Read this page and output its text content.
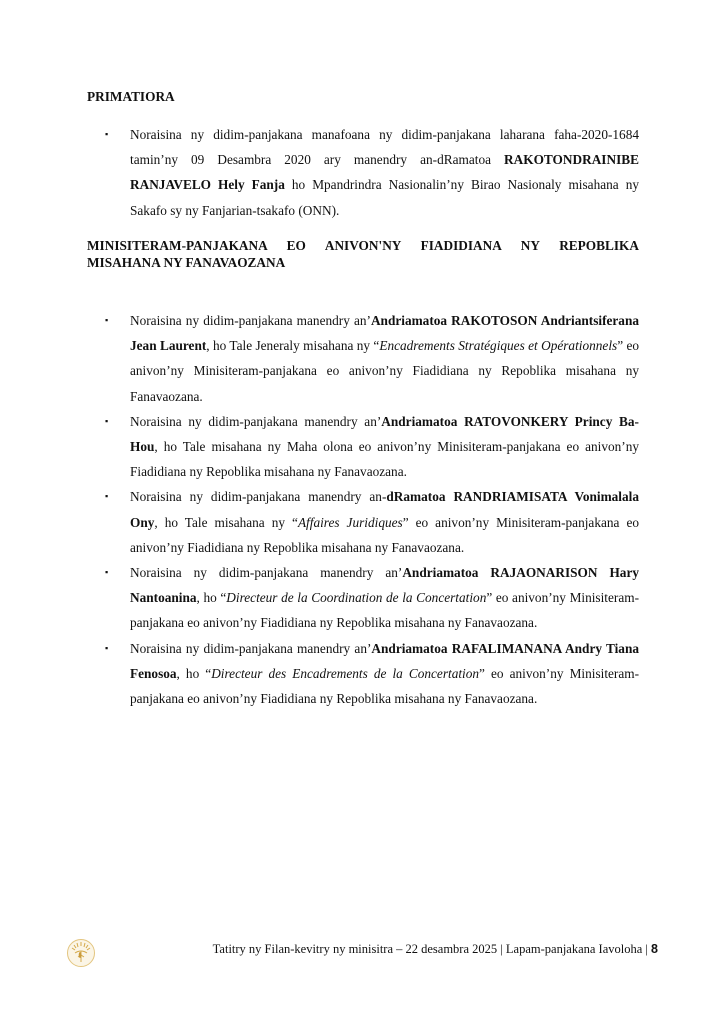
PRIMATIORA
▪ Noraisina ny didim-panjakana manafoana ny didim-panjakana laharana faha-2020-1684 tamin’ny 09 Desambra 2020 ary manendry an-dRamatoa RAKOTONDRAINIBE RANJAVELO Hely Fanja ho Mpandrindra Nasionalin’ny Birao Nasionaly misahana ny Sakafo sy ny Fanjarian-tsakafo (ONN).
MINISITERAM-PANJAKANA EO ANIVON'NY FIADIDIANA NY REPOBLIKA
MISAHANA NY FANAVAOZANA
▪ Noraisina ny didim-panjakana manendry an’Andriamatoa RAKOTOSON Andriantsiferana Jean Laurent, ho Tale Jeneraly misahana ny “Encadrements Stratégiques et Opérationnels” eo anivon’ny Minisiteram-panjakana eo anivon’ny Fiadidiana ny Repoblika misahana ny Fanavaozana.
▪ Noraisina ny didim-panjakana manendry an’Andriamatoa RATOVONKERY Princy Ba-Hou, ho Tale misahana ny Maha olona eo anivon’ny Minisiteram-panjakana eo anivon’ny Fiadidiana ny Repoblika misahana ny Fanavaozana.
▪ Noraisina ny didim-panjakana manendry an-dRamatoa RANDRIAMISATA Vonimalala Ony, ho Tale misahana ny “Affaires Juridiques” eo anivon’ny Minisiteram-panjakana eo anivon’ny Fiadidiana ny Repoblika misahana ny Fanavaozana.
▪ Noraisina ny didim-panjakana manendry an’Andriamatoa RAJAONARISON Hary Nantoanina, ho “Directeur de la Coordination de la Concertation” eo anivon’ny Minisiteram-panjakana eo anivon’ny Fiadidiana ny Repoblika misahana ny Fanavaozana.
▪ Noraisina ny didim-panjakana manendry an’Andriamatoa RAFALIMANANA Andry Tiana Fenosoa, ho “Directeur des Encadrements de la Concertation” eo anivon’ny Minisiteram-panjakana eo anivon’ny Fiadidiana ny Repoblika misahana ny Fanavaozana.
Tatitry ny Filan-kevitry ny minisitra – 22 desambra 2025 | Lapam-panjakana Iavoloha | 8
